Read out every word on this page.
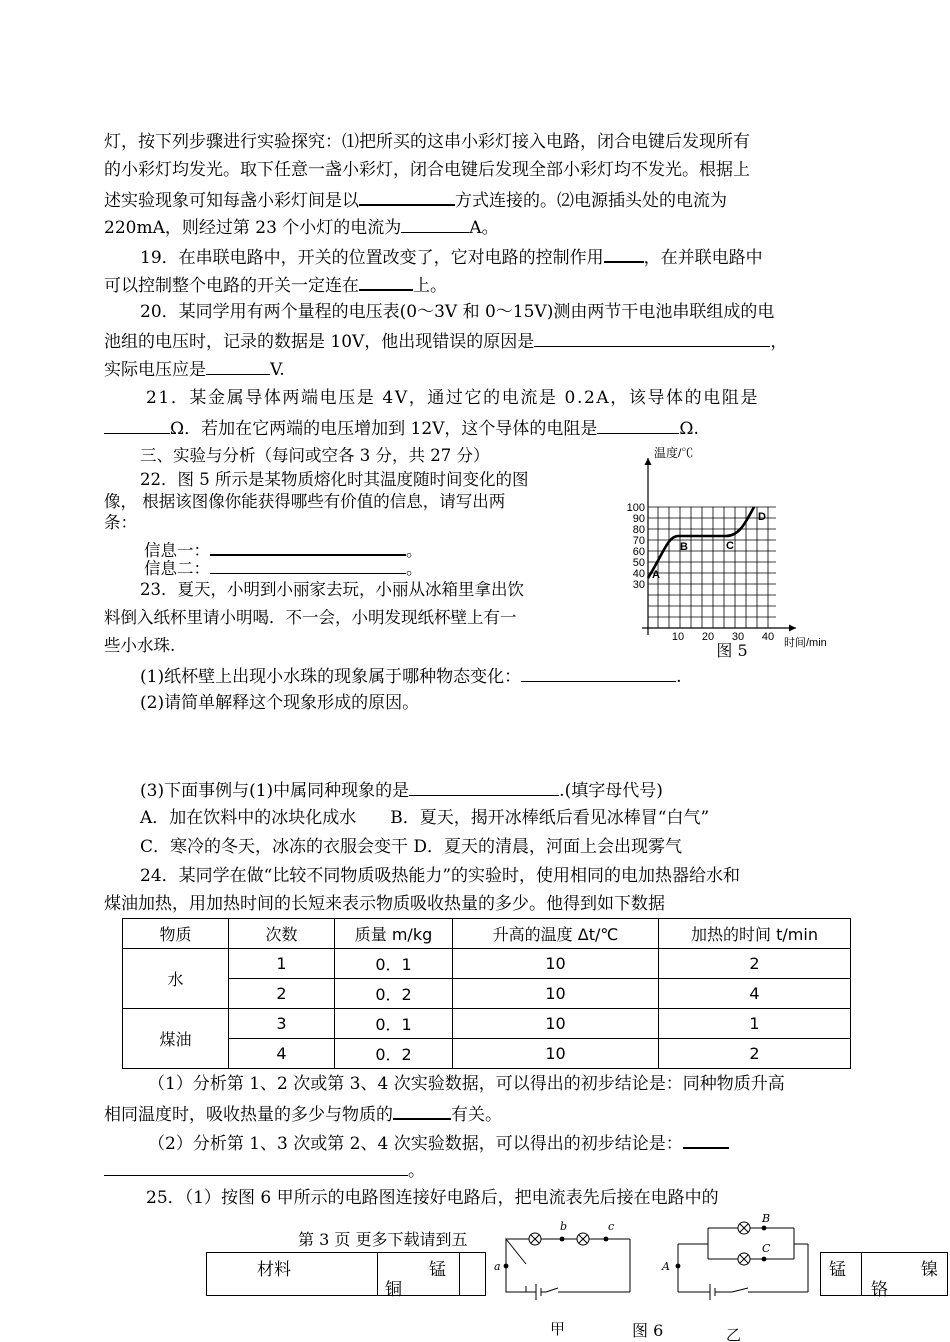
灯，按下列步骤进行实验探究：⑴把所买的这串小彩灯接入电路，闭合电键后发现所有
的小彩灯均发光。取下任意一盏小彩灯，闭合电键后发现全部小彩灯均不发光。根据上
述实验现象可知每盏小彩灯间是以	方式连接的。⑵电源插头处的电流为
220mA，则经过第 23 个小灯的电流为	A。
19．在串联电路中，开关的位置改变了，它对电路的控制作用 ，在并联电路中
可以控制整个电路的开关一定连在	上。
20．某同学用有两个量程的电压表(0～3V 和 0～15V)测由两节干电池串联组成的电
池组的电压时，记录的数据是 10V，他出现错误的原因是	，
实际电压应是	V.
21．某金属导体两端电压是 4V，通过它的电流是 0.2A，该导体的电阻是
Ω．若加在它两端的电压增加到 12V，这个导体的电阻是	Ω.
三、实验与分析（每问或空各 3 分，共 27 分）
22．图 5 所示是某物质熔化时其温度随时间变化的图
像， 根据该图像你能获得哪些有价值的信息，请写出两
条：
信息一：	。
信息二：	。
23．夏天，小明到小丽家去玩，小丽从冰箱里拿出饮
料倒入纸杯里请小明喝．不一会，小明发现纸杯壁上有一
些小水珠.
(1)纸杯壁上出现小水珠的现象属于哪种物态变化：	.
(2)请简单解释这个现象形成的原因。
(3)下面事例与(1)中属同种现象的是	.(填字母代号)
A．加在饮料中的冰块化成水　　B．夏天，揭开冰棒纸后看见冰棒冒“白气”
C．寒冷的冬天，冰冻的衣服会变干 D．夏天的清晨，河面上会出现雾气
24．某同学在做“比较不同物质吸热能力”的实验时，使用相同的电加热器给水和
煤油加热，用加热时间的长短来表示物质吸收热量的多少。他得到如下数据
物质	次数	质量 m/kg	升高的温度 Δt/℃	加热的时间 t/min
水	1	0．1	10	2
	2	0．2	10	4
煤油	3	0．1	10	1
	4	0．2	10	2
（1）分析第 1、2 次或第 3、4 次实验数据，可以得出的初步结论是：同种物质升高
相同温度时，吸收热量的多少与物质的	有关。
（2）分析第 1、3 次或第 2、4 次实验数据，可以得出的初步结论是：
。
25．（1）按图 6 甲所示的电路图连接好电路后，把电流表先后接在电路中的
第 3 页 更多下载请到五
材料	锰
铜
锰	镍
铬
温度/℃
时间/min
100
90
80
70
60
50
40
30
10 20 30 40
A
B	C
D
图 5
a
b	c
甲
A
B
C
图 6	乙
